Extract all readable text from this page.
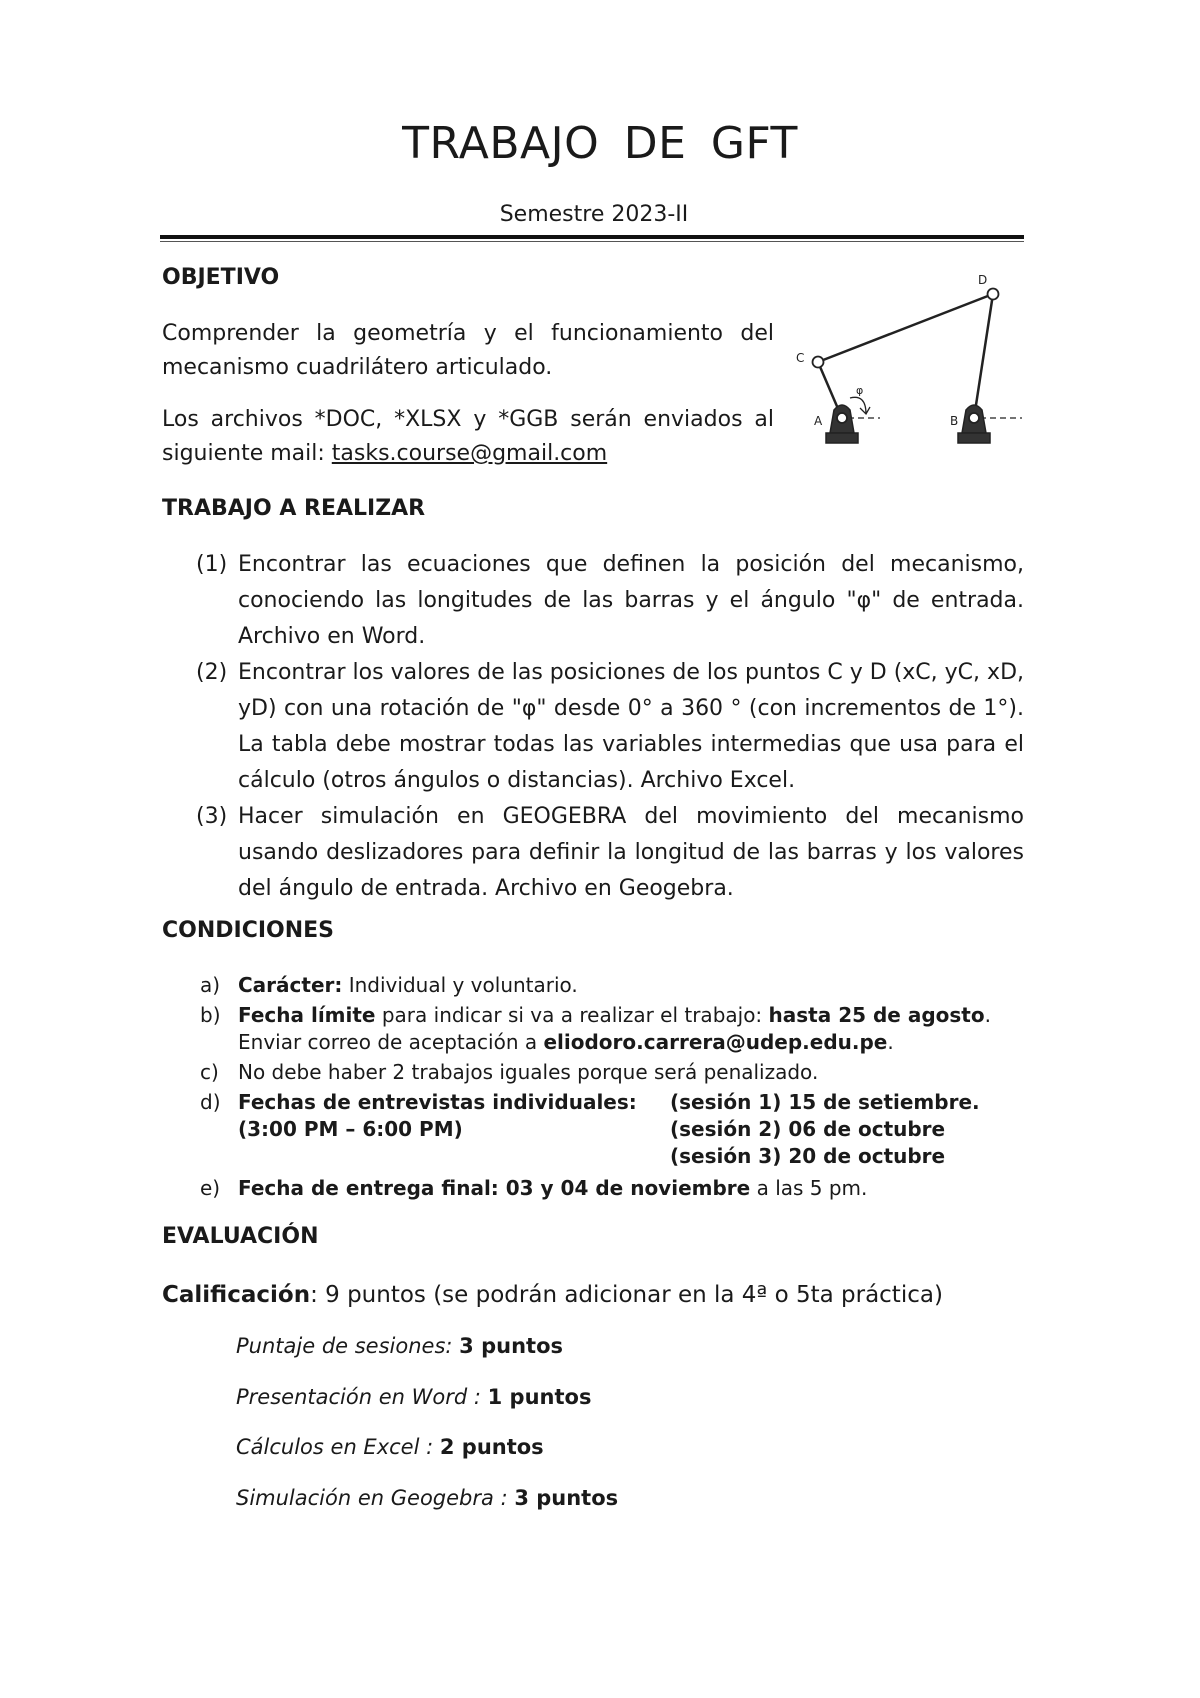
TRABAJO DE GFT
Semestre 2023-II
OBJETIVO

Comprender la geometría y el funcionamiento del mecanismo cuadrilátero articulado.

Los archivos *DOC, *XLSX y *GGB serán enviados al siguiente mail: tasks.course@gmail.com

A	B
C
D
φ
TRABAJO A REALIZAR
(1) Encontrar las ecuaciones que definen la posición del mecanismo, conociendo las longitudes de las barras y el ángulo "φ" de entrada. Archivo en Word.
(2) Encontrar los valores de las posiciones de los puntos C y D (xC, yC, xD, yD) con una rotación de "φ" desde 0° a 360 ° (con incrementos de 1°). La tabla debe mostrar todas las variables intermedias que usa para el cálculo (otros ángulos o distancias). Archivo Excel.
(3) Hacer simulación en GEOGEBRA del movimiento del mecanismo usando deslizadores para definir la longitud de las barras y los valores del ángulo de entrada. Archivo en Geogebra.
CONDICIONES
a) Carácter: Individual y voluntario.
b) Fecha límite para indicar si va a realizar el trabajo: hasta 25 de agosto. Enviar correo de aceptación a eliodoro.carrera@udep.edu.pe.
c) No debe haber 2 trabajos iguales porque será penalizado.
d) Fechas de entrevistas individuales:
(3:00 PM – 6:00 PM)
(sesión 1) 15 de setiembre.
(sesión 2) 06 de octubre
(sesión 3) 20 de octubre
e) Fecha de entrega final: 03 y 04 de noviembre a las 5 pm.
EVALUACIÓN
Calificación: 9 puntos (se podrán adicionar en la 4ª o 5ta práctica)
Puntaje de sesiones: 3 puntos
Presentación en Word : 1 puntos
Cálculos en Excel : 2 puntos
Simulación en Geogebra : 3 puntos
